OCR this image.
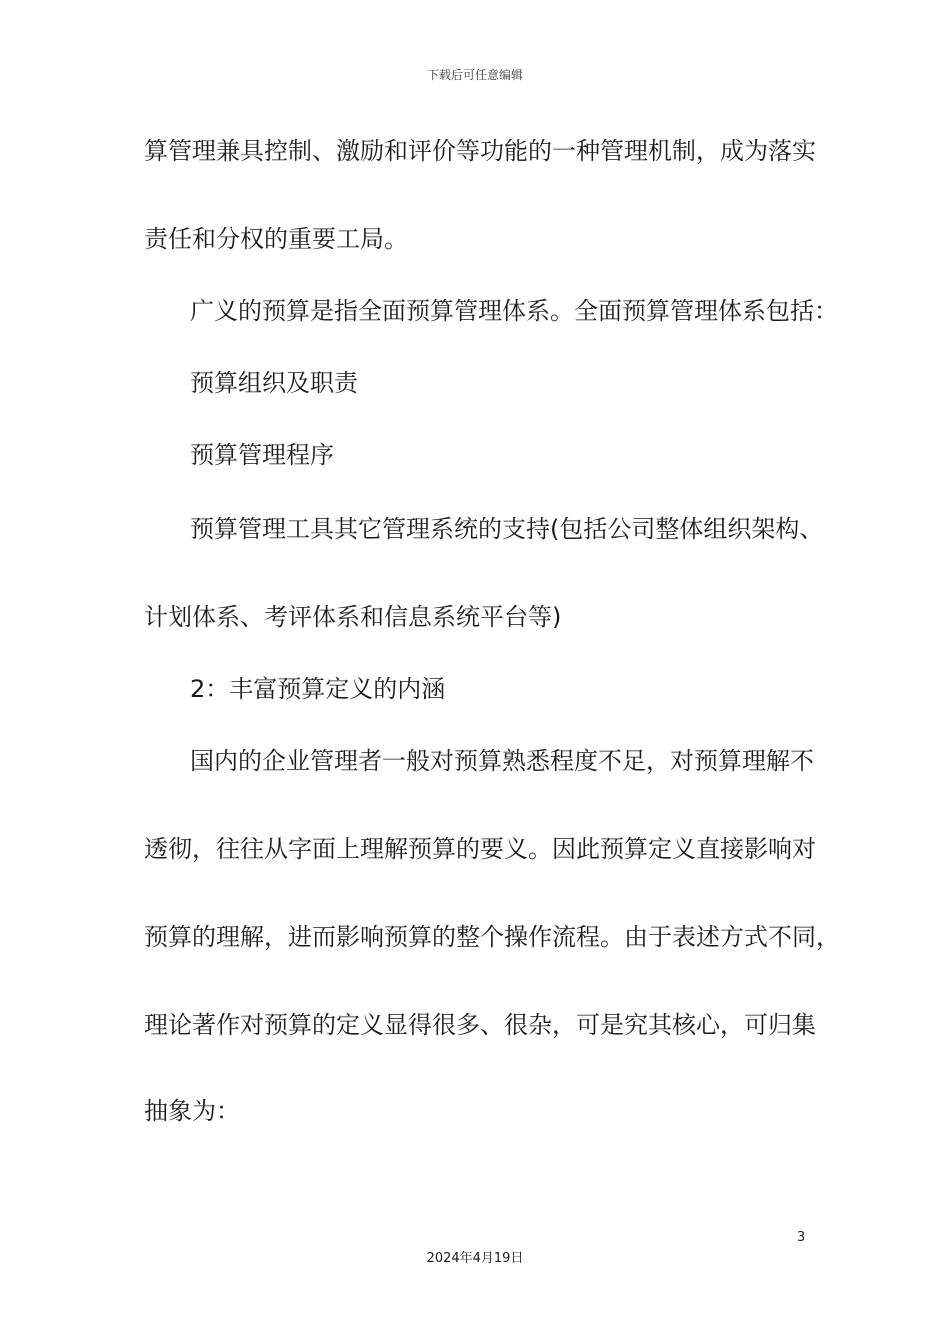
下载后可任意编辑
算管理兼具控制、激励和评价等功能的一种管理机制，成为落实
责任和分权的重要工局。
广义的预算是指全面预算管理体系。全面预算管理体系包括：
预算组织及职责
预算管理程序
预算管理工具其它管理系统的支持(包括公司整体组织架构、
计划体系、考评体系和信息系统平台等)
2：丰富预算定义的内涵
国内的企业管理者一般对预算熟悉程度不足，对预算理解不
透彻，往往从字面上理解预算的要义。因此预算定义直接影响对
预算的理解，进而影响预算的整个操作流程。由于表述方式不同，
理论著作对预算的定义显得很多、很杂，可是究其核心，可归集
抽象为：
3
2024年4月19日
